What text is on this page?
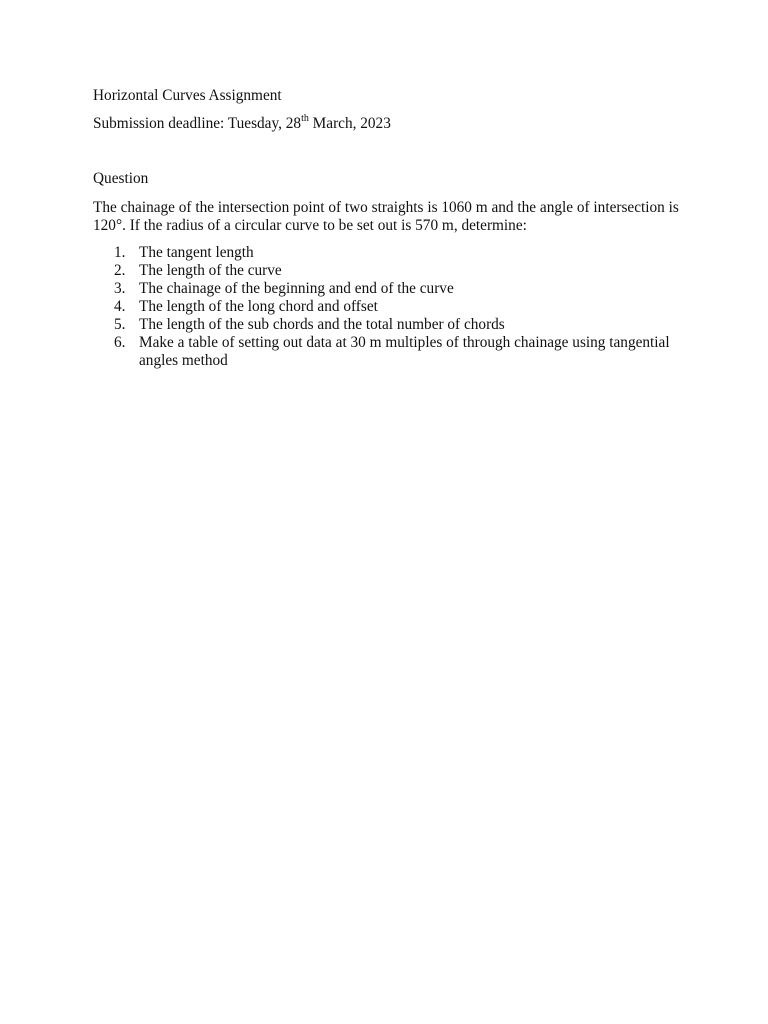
Horizontal Curves Assignment
Submission deadline: Tuesday, 28th March, 2023
Question
The chainage of the intersection point of two straights is 1060 m and the angle of intersection is 120°. If the radius of a circular curve to be set out is 570 m, determine:
1. The tangent length
2. The length of the curve
3. The chainage of the beginning and end of the curve
4. The length of the long chord and offset
5. The length of the sub chords and the total number of chords
6. Make a table of setting out data at 30 m multiples of through chainage using tangential angles method
